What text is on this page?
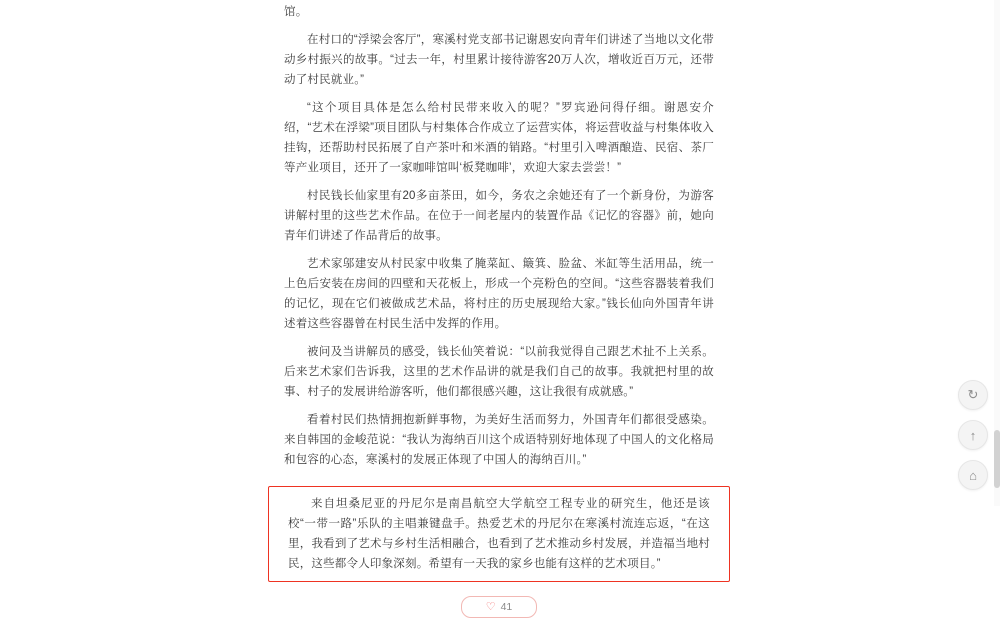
馆。

在村口的“浮梁会客厅”，寒溪村党支部书记谢恩安向青年们讲述了当地以文化带动乡村振兴的故事。“过去一年，村里累计接待游客20万人次，增收近百万元，还带动了村民就业。”

“这个项目具体是怎么给村民带来收入的呢？”罗宾逊问得仔细。谢恩安介绍，“艺术在浮梁”项目团队与村集体合作成立了运营实体，将运营收益与村集体收入挂钩，还帮助村民拓展了自产茶叶和米酒的销路。“村里引入啤酒酿造、民宿、茶厂等产业项目，还开了一家咖啡馆叫‘板凳咖啡’，欢迎大家去尝尝！”

村民钱长仙家里有20多亩茶田，如今，务农之余她还有了一个新身份，为游客讲解村里的这些艺术作品。在位于一间老屋内的装置作品《记忆的容器》前，她向青年们讲述了作品背后的故事。

艺术家邬建安从村民家中收集了腌菜缸、簸箕、脸盆、米缸等生活用品，统一上色后安装在房间的四壁和天花板上，形成一个亮粉色的空间。“这些容器装着我们的记忆，现在它们被做成艺术品，将村庄的历史展现给大家。”钱长仙向外国青年讲述着这些容器曾在村民生活中发挥的作用。

被问及当讲解员的感受，钱长仙笑着说：“以前我觉得自己跟艺术扯不上关系。后来艺术家们告诉我，这里的艺术作品讲的就是我们自己的故事。我就把村里的故事、村子的发展讲给游客听，他们都很感兴趣，这让我很有成就感。”

看着村民们热情拥抱新鲜事物，为美好生活而努力，外国青年们都很受感染。来自韩国的金峻范说：“我认为海纳百川这个成语特别好地体现了中国人的文化格局和包容的心态，寒溪村的发展正体现了中国人的海纳百川。”

来自坦桑尼亚的丹尼尔是南昌航空大学航空工程专业的研究生，他还是该校“一带一路”乐队的主唱兼键盘手。热爱艺术的丹尼尔在寒溪村流连忘返，“在这里，我看到了艺术与乡村生活相融合，也看到了艺术推动乡村发展，并造福当地村民，这些都令人印象深刻。希望有一天我的家乡也能有这样的艺术项目。”

♡ 41
↻
↑
⌂
